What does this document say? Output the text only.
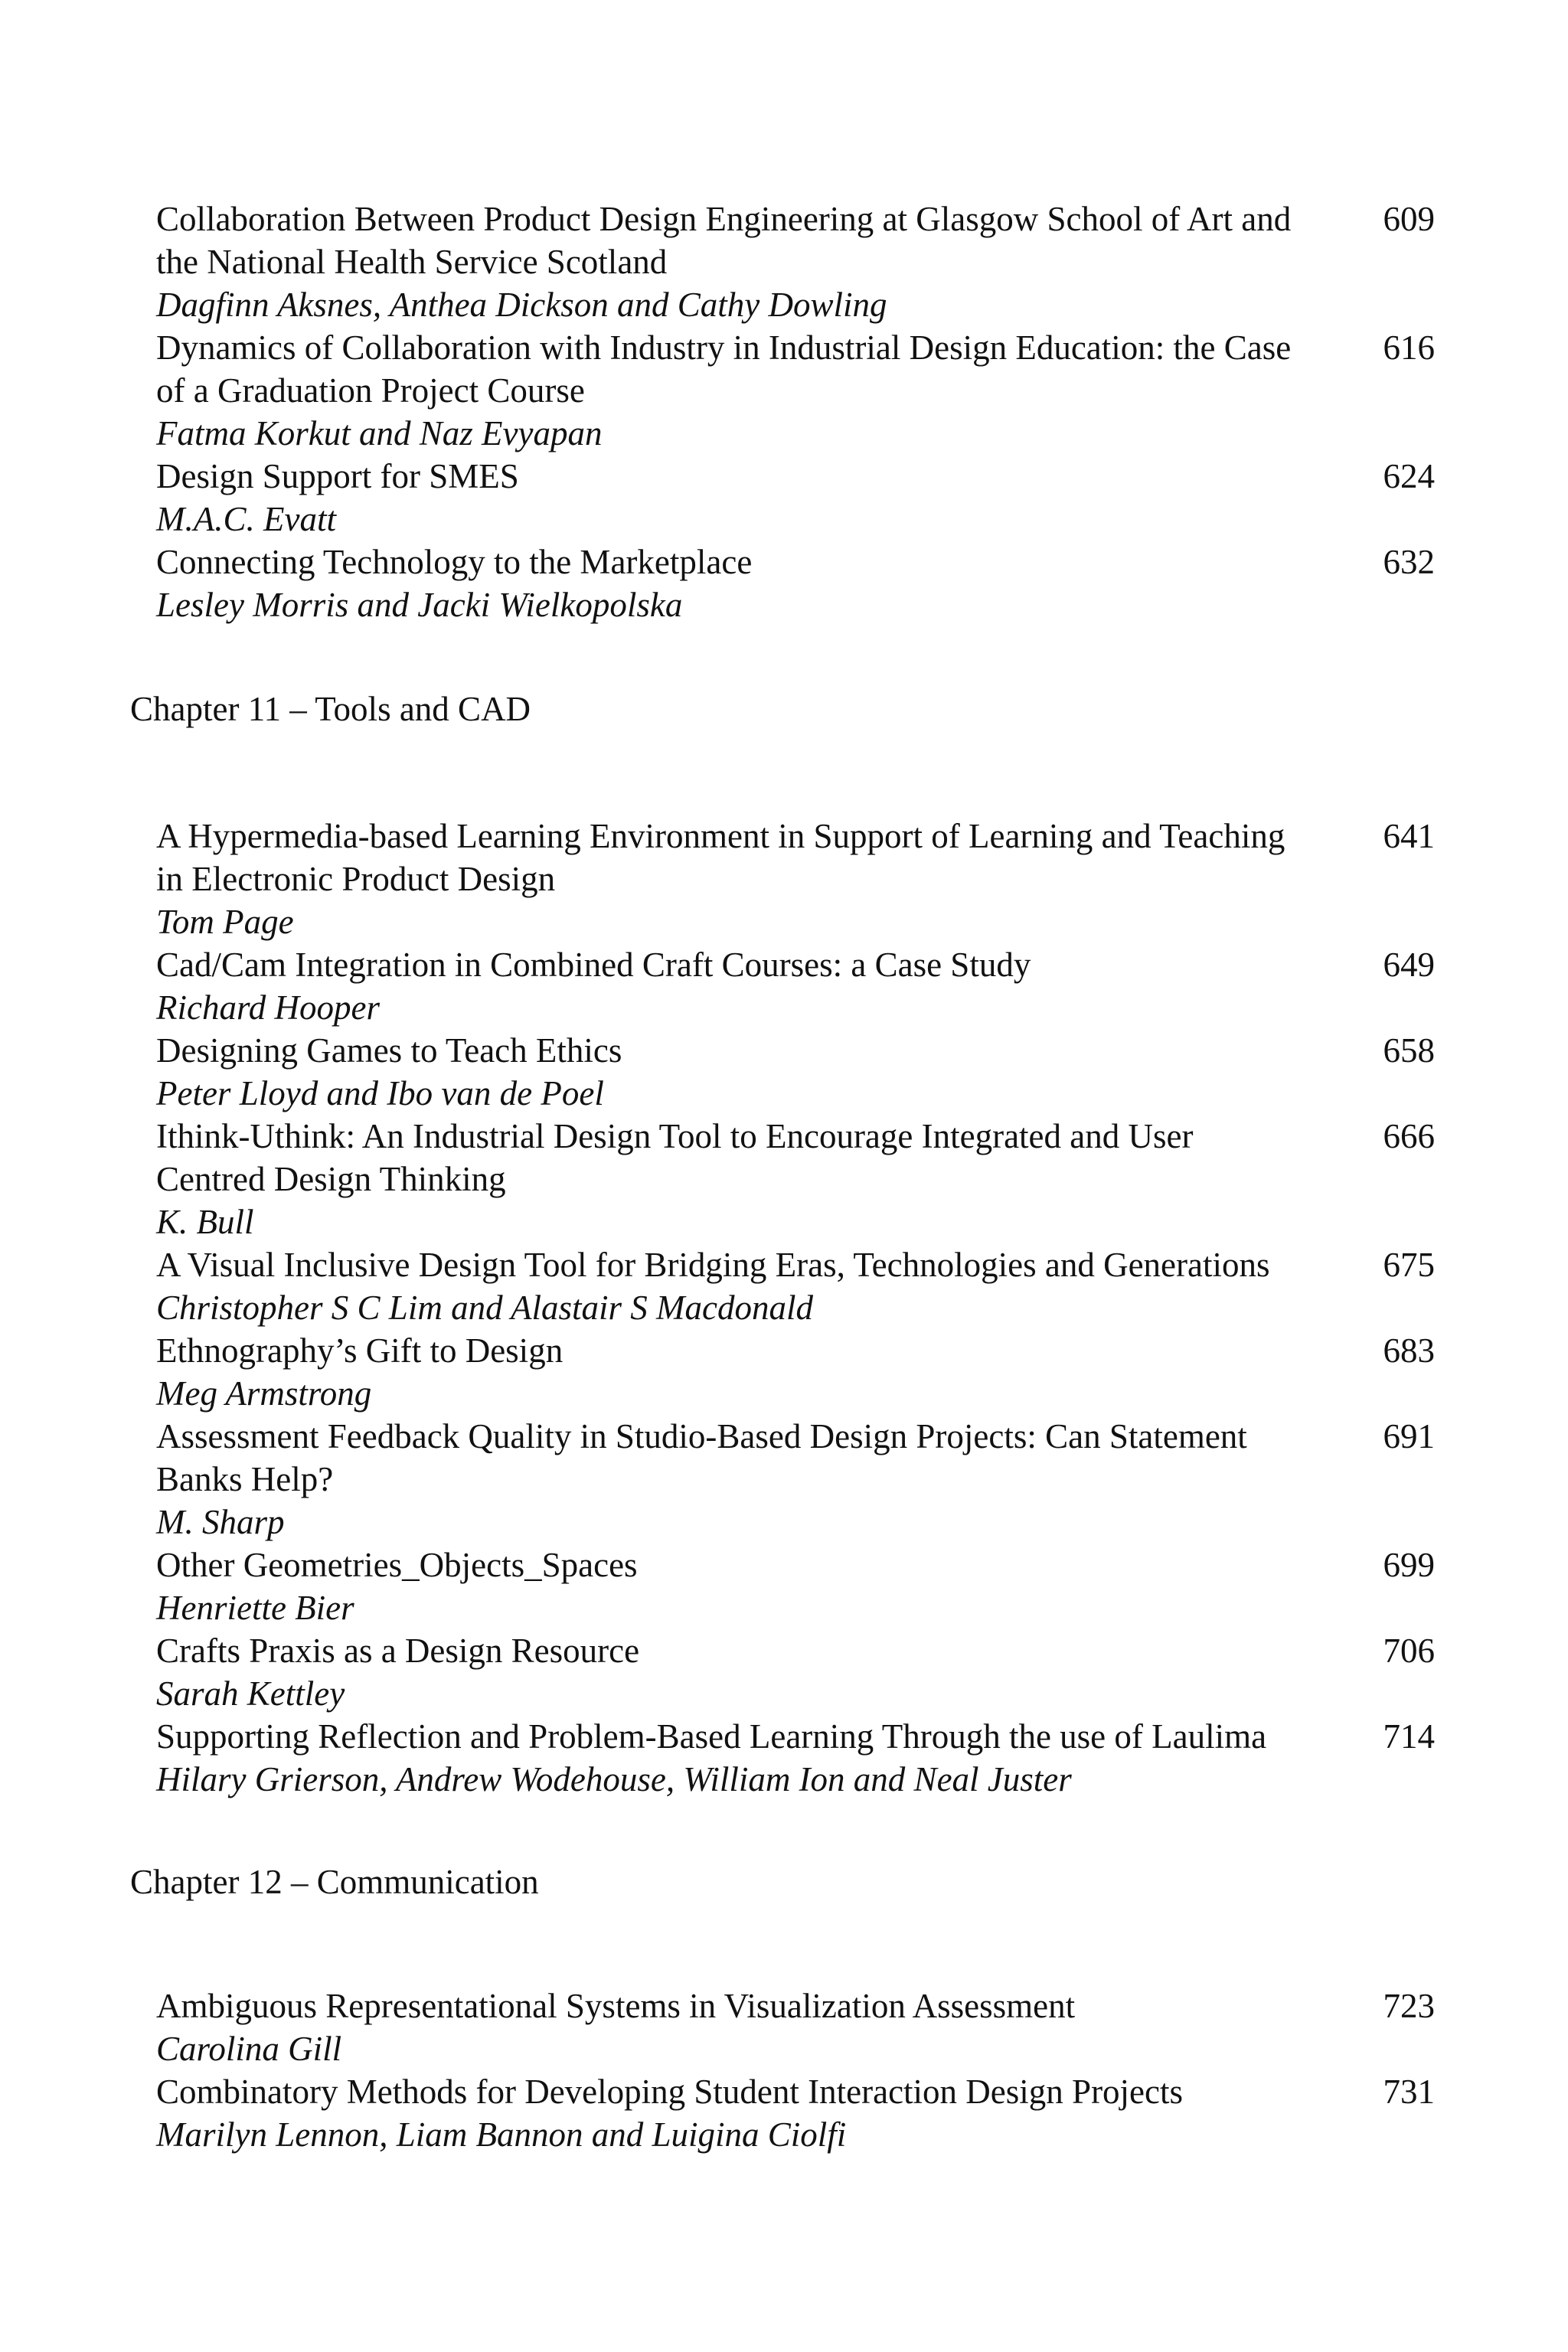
Collaboration Between Product Design Engineering at Glasgow School of Art and
the National Health Service Scotland
Dagfinn Aksnes, Anthea Dickson and Cathy Dowling
609
Dynamics of Collaboration with Industry in Industrial Design Education: the Case
of a Graduation Project Course
Fatma Korkut and Naz Evyapan
616
Design Support for SMES
M.A.C. Evatt
624
Connecting Technology to the Marketplace
Lesley Morris and Jacki Wielkopolska
632
Chapter 11 – Tools and CAD
A Hypermedia-based Learning Environment in Support of Learning and Teaching
in Electronic Product Design
Tom Page
641
Cad/Cam Integration in Combined Craft Courses: a Case Study
Richard Hooper
649
Designing Games to Teach Ethics
Peter Lloyd and Ibo van de Poel
658
Ithink-Uthink: An Industrial Design Tool to Encourage Integrated and User
Centred Design Thinking
K. Bull
666
A Visual Inclusive Design Tool for Bridging Eras, Technologies and Generations
Christopher S C Lim and Alastair S Macdonald
675
Ethnography’s Gift to Design
Meg Armstrong
683
Assessment Feedback Quality in Studio-Based Design Projects: Can Statement
Banks Help?
M. Sharp
691
Other Geometries_Objects_Spaces
Henriette Bier
699
Crafts Praxis as a Design Resource
Sarah Kettley
706
Supporting Reflection and Problem-Based Learning Through the use of Laulima
Hilary Grierson, Andrew Wodehouse, William Ion and Neal Juster
714
Chapter 12 – Communication
Ambiguous Representational Systems in Visualization Assessment
Carolina Gill
723
Combinatory Methods for Developing Student Interaction Design Projects
Marilyn Lennon, Liam Bannon and Luigina Ciolfi
731
